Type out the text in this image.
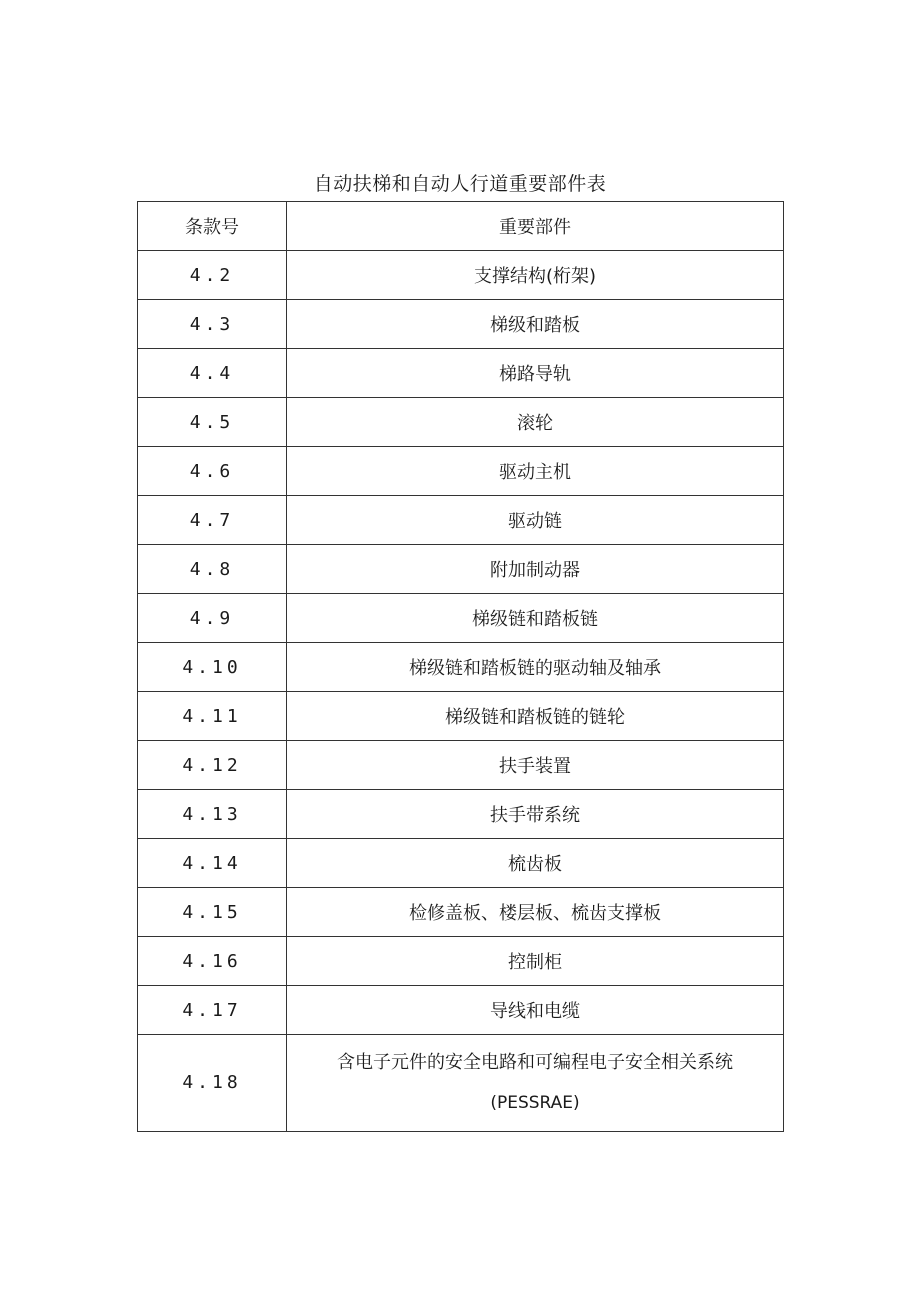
自动扶梯和自动人行道重要部件表
条款号	重要部件
4.2	支撑结构(桁架)
4.3	梯级和踏板
4.4	梯路导轨
4.5	滚轮
4.6	驱动主机
4.7	驱动链
4.8	附加制动器
4.9	梯级链和踏板链
4.10	梯级链和踏板链的驱动轴及轴承
4.11	梯级链和踏板链的链轮
4.12	扶手装置
4.13	扶手带系统
4.14	梳齿板
4.15	检修盖板、楼层板、梳齿支撑板
4.16	控制柜
4.17	导线和电缆
4.18	含电子元件的安全电路和可编程电子安全相关系统
(PESSRAE)
